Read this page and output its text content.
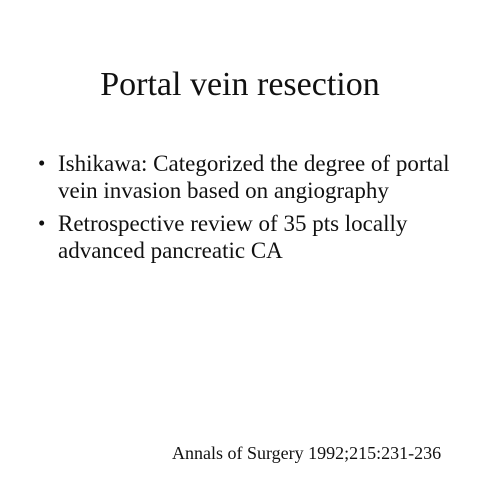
Portal vein resection
• Ishikawa: Categorized the degree of portal vein invasion based on angiography
• Retrospective review of 35 pts locally advanced pancreatic CA
Annals of Surgery 1992;215:231-236
